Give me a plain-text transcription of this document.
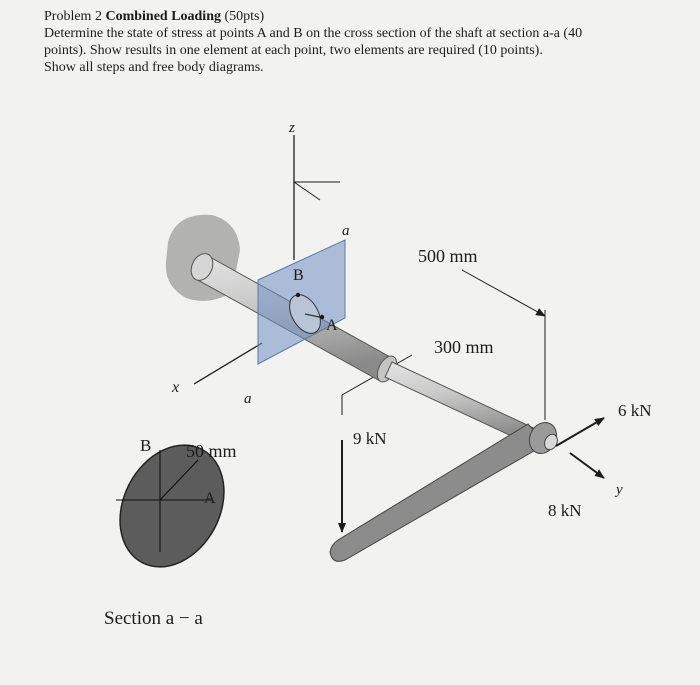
Problem 2 Combined Loading (50pts)
Determine the state of stress at points A and B on the cross section of the shaft at section a-a (40
points). Show results in one element at each point, two elements are required (10 points).
Show all steps and free body diagrams.
z
x
a
a
B
A
9 kN
6 kN
8 kN
y
500 mm
300 mm
B
A
50 mm
Section a − a
